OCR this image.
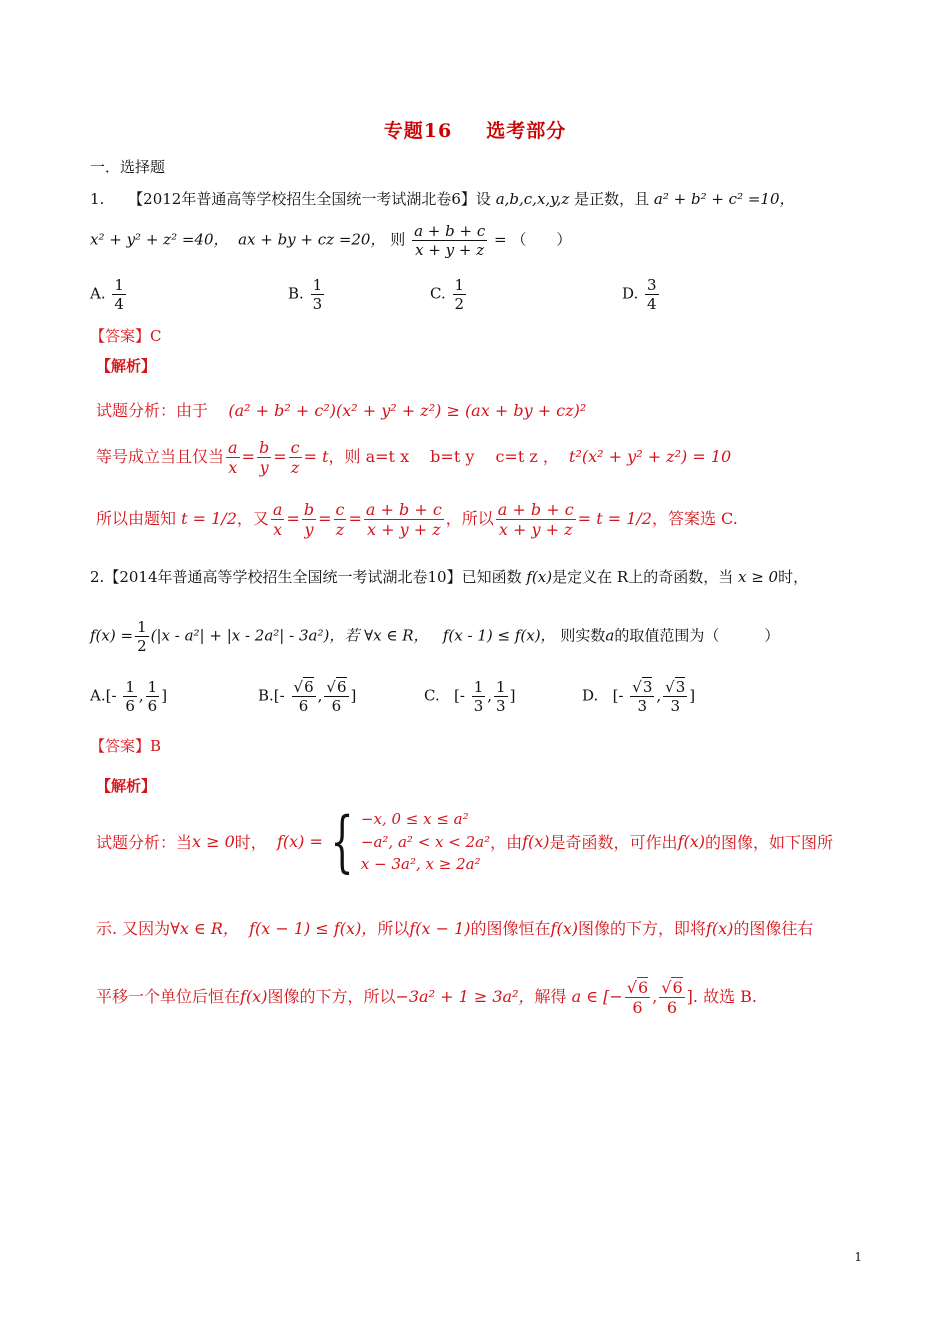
专题16 选考部分
一．选择题
1. 【2012年普通高等学校招生全国统一考试湖北卷6】设 a,b,c,x,y,z 是正数，且 a² + b² + c² =10，
x² + y² + z² =40， ax + by + cz =20， 则 $\frac{a + b + c}{x + y + z}$ = （　　）
A. $\frac{1}{4}$	B. $\frac{1}{3}$	C. $\frac{1}{2}$	D. $\frac{3}{4}$
【答案】C
【解析】
试题分析：由于 (a² + b² + c²)(x² + y² + z²) ≥ (ax + by + cz)²
等号成立当且仅当 $\frac{a}{x} = \frac{b}{y} = \frac{c}{z} = t$，则 a=t x　 b=t y　 c=t z ， t²(x² + y² + z²) = 10
所以由题知 t = 1/2，又 $\frac{a}{x} = \frac{b}{y} = \frac{c}{z} = \frac{a + b + c}{x + y + z}$ ，所以 $\frac{a + b + c}{x + y + z} = t = 1/2$，答案选 C.
2.【2014年普通高等学校招生全国统一考试湖北卷10】已知函数 f(x)是定义在 R上的奇函数，当 x ≥ 0时，
$f(x) = \frac{1}{2} (|x - a^2| + |x - 2a^2| - 3a^2)$，若 ∀x ∈ R， f(x - 1) ≤ f(x)， 则实数a的取值范围为（　　　）
$A.[- \frac{1}{6}$ , $\frac{1}{6}$ ]	$B.[- \frac{√6}{6}$ , $\frac{√6}{6}$ ]	C.   [- $\frac{1}{3}$ , $\frac{1}{3}$ ]	D.   [- $\frac{√3}{3}$ , $\frac{√3}{3}$ ]
【答案】B
【解析】
试题分析：当 x ≥ 0 时，
f(x) = { −x, 0 ≤ x ≤ a²
−a², a² < x < 2a²
x − 3a², x ≥ 2a²
，由 f(x) 是奇函数，可作出 f(x) 的图像，如下图所
示. 又因为∀x ∈ R， f(x − 1) ≤ f(x)，所以f(x − 1)的图像恒在f(x)图像的下方，即将f(x)的图像往右
平移一个单位后恒在f(x)图像的下方，所以−3a² + 1 ≥ 3a²，解得 a ∈ [− $\frac{√6}{6}$ , $\frac{√6}{6}$ ]. 故选 B.
1
